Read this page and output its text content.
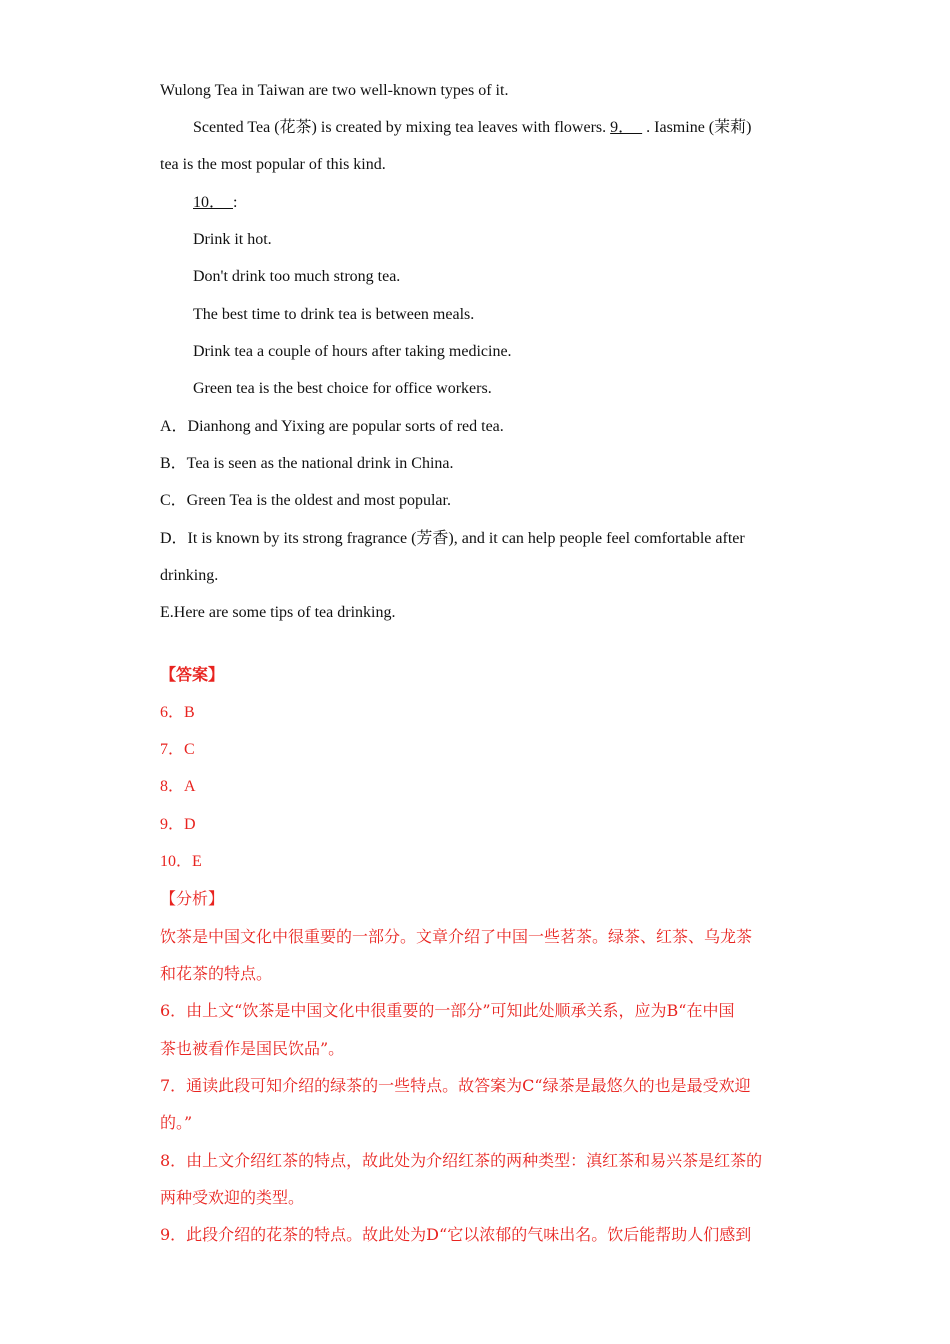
Wulong Tea in Taiwan are two well-known types of it.
Scented Tea (花茶) is created by mixing tea leaves with flowers. 9．   . Iasmine (茉莉)
tea is the most popular of this kind.
10．  :
Drink it hot.
Don't drink too much strong tea.
The best time to drink tea is between meals.
Drink tea a couple of hours after taking medicine.
Green tea is the best choice for office workers.
A．Dianhong and Yixing are popular sorts of red tea.
B．Tea is seen as the national drink in China.
C．Green Tea is the oldest and most popular.
D．It is known by its strong fragrance (芳香), and it can help people feel comfortable after
drinking.
E.Here are some tips of tea drinking.
【答案】
6．B
7．C
8．A
9．D
10．E
【分析】
饮茶是中国文化中很重要的一部分。文章介绍了中国一些茗茶。绿茶、红茶、乌龙茶
和花茶的特点。
6．由上文“饮茶是中国文化中很重要的一部分”可知此处顺承关系，应为B“在中国
茶也被看作是国民饮品”。
7．通读此段可知介绍的绿茶的一些特点。故答案为C“绿茶是最悠久的也是最受欢迎
的。”
8．由上文介绍红茶的特点，故此处为介绍红茶的两种类型：滇红茶和易兴茶是红茶的
两种受欢迎的类型。
9．此段介绍的花茶的特点。故此处为D“它以浓郁的气味出名。饮后能帮助人们感到
